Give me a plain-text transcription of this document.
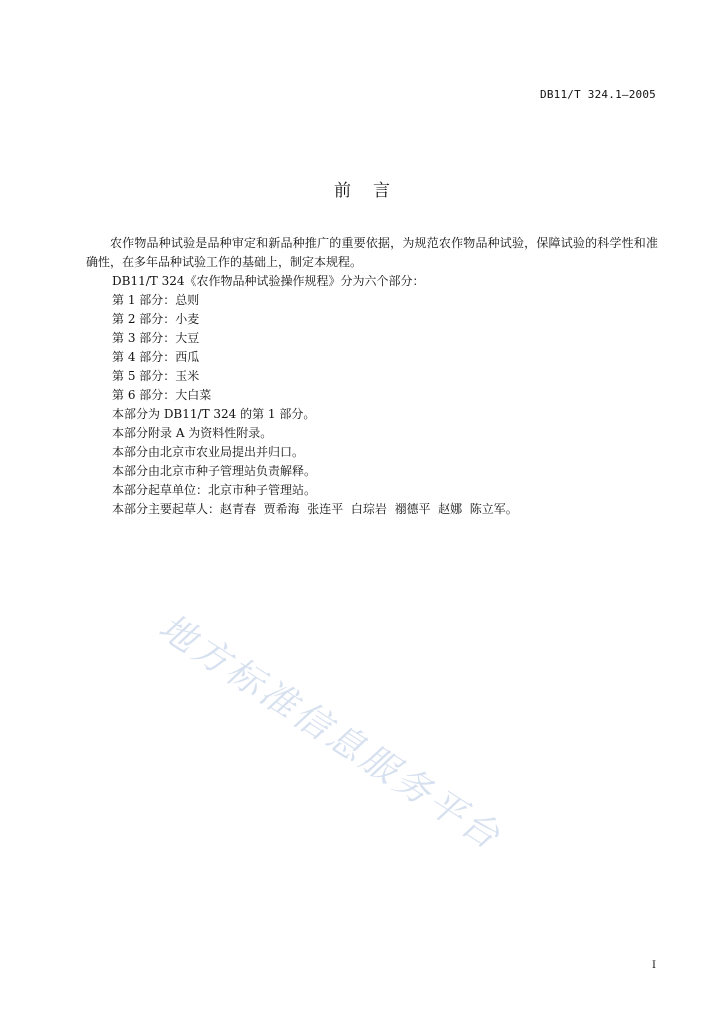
DB11/T 324.1—2005
前言

农作物品种试验是品种审定和新品种推广的重要依据，为规范农作物品种试验，保障试验的科学性和准确性，在多年品种试验工作的基础上，制定本规程。

DB11/T 324《农作物品种试验操作规程》分为六个部分：

第 1 部分：总则

第 2 部分：小麦

第 3 部分：大豆

第 4 部分：西瓜

第 5 部分：玉米

第 6 部分：大白菜

本部分为 DB11/T 324 的第 1 部分。

本部分附录 A 为资料性附录。

本部分由北京市农业局提出并归口。

本部分由北京市种子管理站负责解释。

本部分起草单位：北京市种子管理站。

本部分主要起草人：赵青春  贾希海  张连平  白琮岩  禤德平  赵娜  陈立军。

地方标准信息服务平台
I
